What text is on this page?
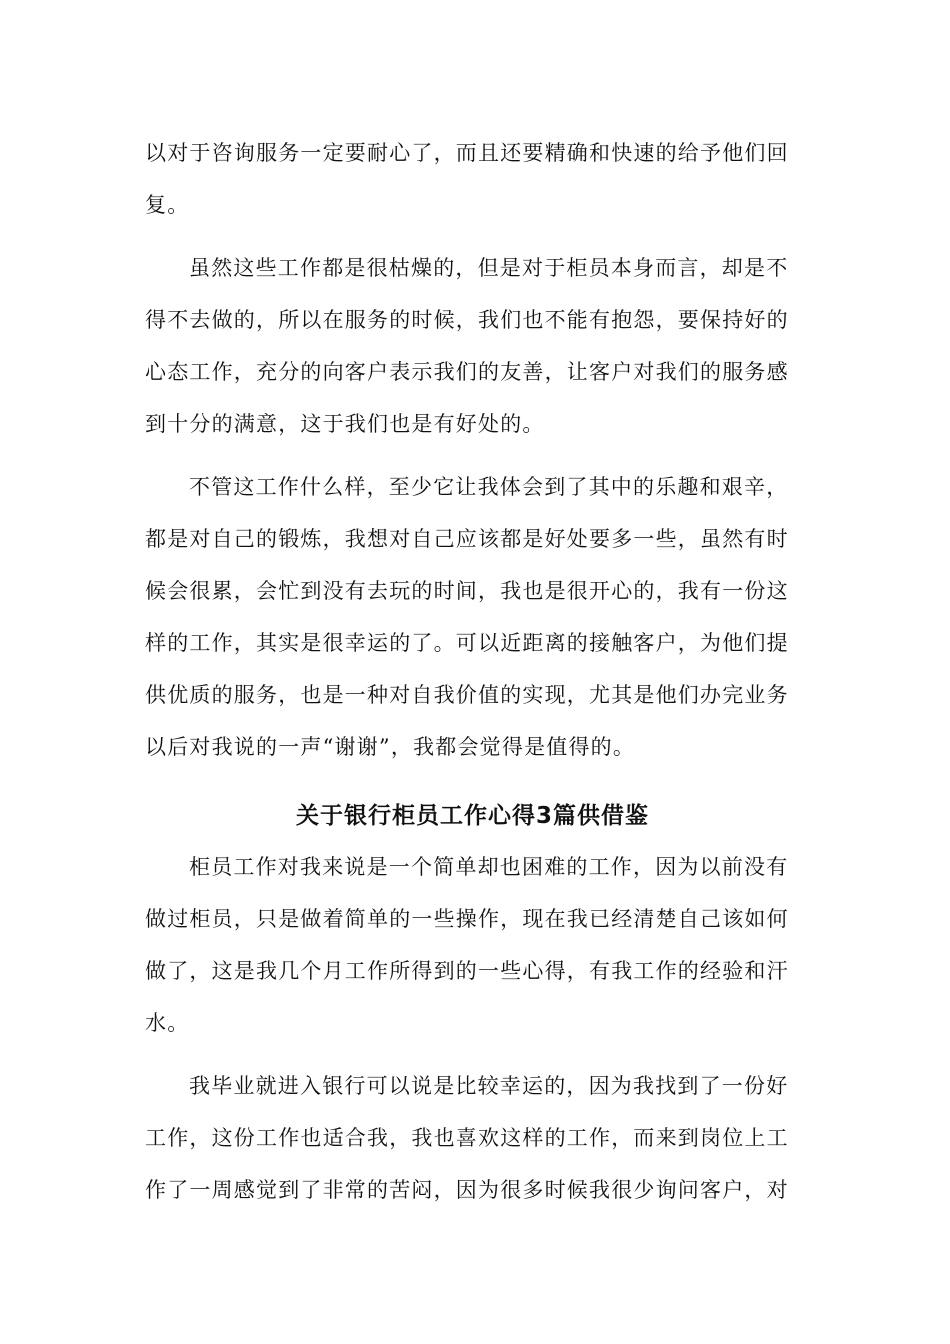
以对于咨询服务一定要耐心了，而且还要精确和快速的给予他们回
复。
虽然这些工作都是很枯燥的，但是对于柜员本身而言，却是不
得不去做的，所以在服务的时候，我们也不能有抱怨，要保持好的
心态工作，充分的向客户表示我们的友善，让客户对我们的服务感
到十分的满意，这于我们也是有好处的。
不管这工作什么样，至少它让我体会到了其中的乐趣和艰辛，
都是对自己的锻炼，我想对自己应该都是好处要多一些，虽然有时
候会很累，会忙到没有去玩的时间，我也是很开心的，我有一份这
样的工作，其实是很幸运的了。可以近距离的接触客户，为他们提
供优质的服务，也是一种对自我价值的实现，尤其是他们办完业务
以后对我说的一声“谢谢”，我都会觉得是值得的。
关于银行柜员工作心得3篇供借鉴
柜员工作对我来说是一个简单却也困难的工作，因为以前没有
做过柜员，只是做着简单的一些操作，现在我已经清楚自己该如何
做了，这是我几个月工作所得到的一些心得，有我工作的经验和汗
水。
我毕业就进入银行可以说是比较幸运的，因为我找到了一份好
工作，这份工作也适合我，我也喜欢这样的工作，而来到岗位上工
作了一周感觉到了非常的苦闷，因为很多时候我很少询问客户，对
